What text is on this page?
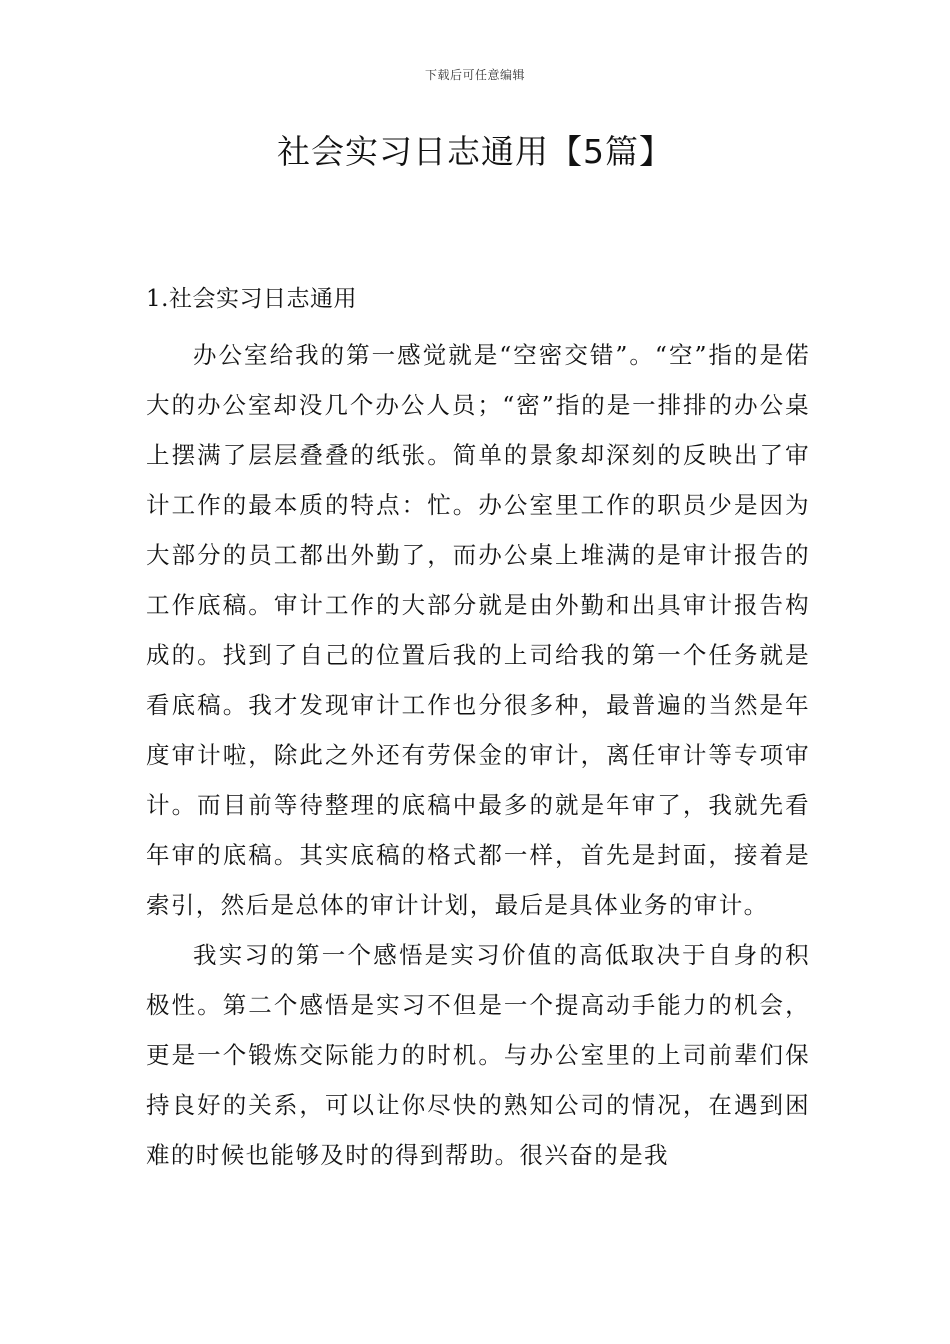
下载后可任意编辑
社会实习日志通用【5篇】
1.社会实习日志通用

办公室给我的第一感觉就是“空密交错”。“空”指的是偌大的办公室却没几个办公人员；“密”指的是一排排的办公桌上摆满了层层叠叠的纸张。简单的景象却深刻的反映出了审计工作的最本质的特点：忙。办公室里工作的职员少是因为大部分的员工都出外勤了，而办公桌上堆满的是审计报告的工作底稿。审计工作的大部分就是由外勤和出具审计报告构成的。找到了自己的位置后我的上司给我的第一个任务就是看底稿。我才发现审计工作也分很多种，最普遍的当然是年度审计啦，除此之外还有劳保金的审计，离任审计等专项审计。而目前等待整理的底稿中最多的就是年审了，我就先看年审的底稿。其实底稿的格式都一样，首先是封面，接着是索引，然后是总体的审计计划，最后是具体业务的审计。

我实习的第一个感悟是实习价值的高低取决于自身的积极性。第二个感悟是实习不但是一个提高动手能力的机会，更是一个锻炼交际能力的时机。与办公室里的上司前辈们保持良好的关系，可以让你尽快的熟知公司的情况，在遇到困难的时候也能够及时的得到帮助。很兴奋的是我
